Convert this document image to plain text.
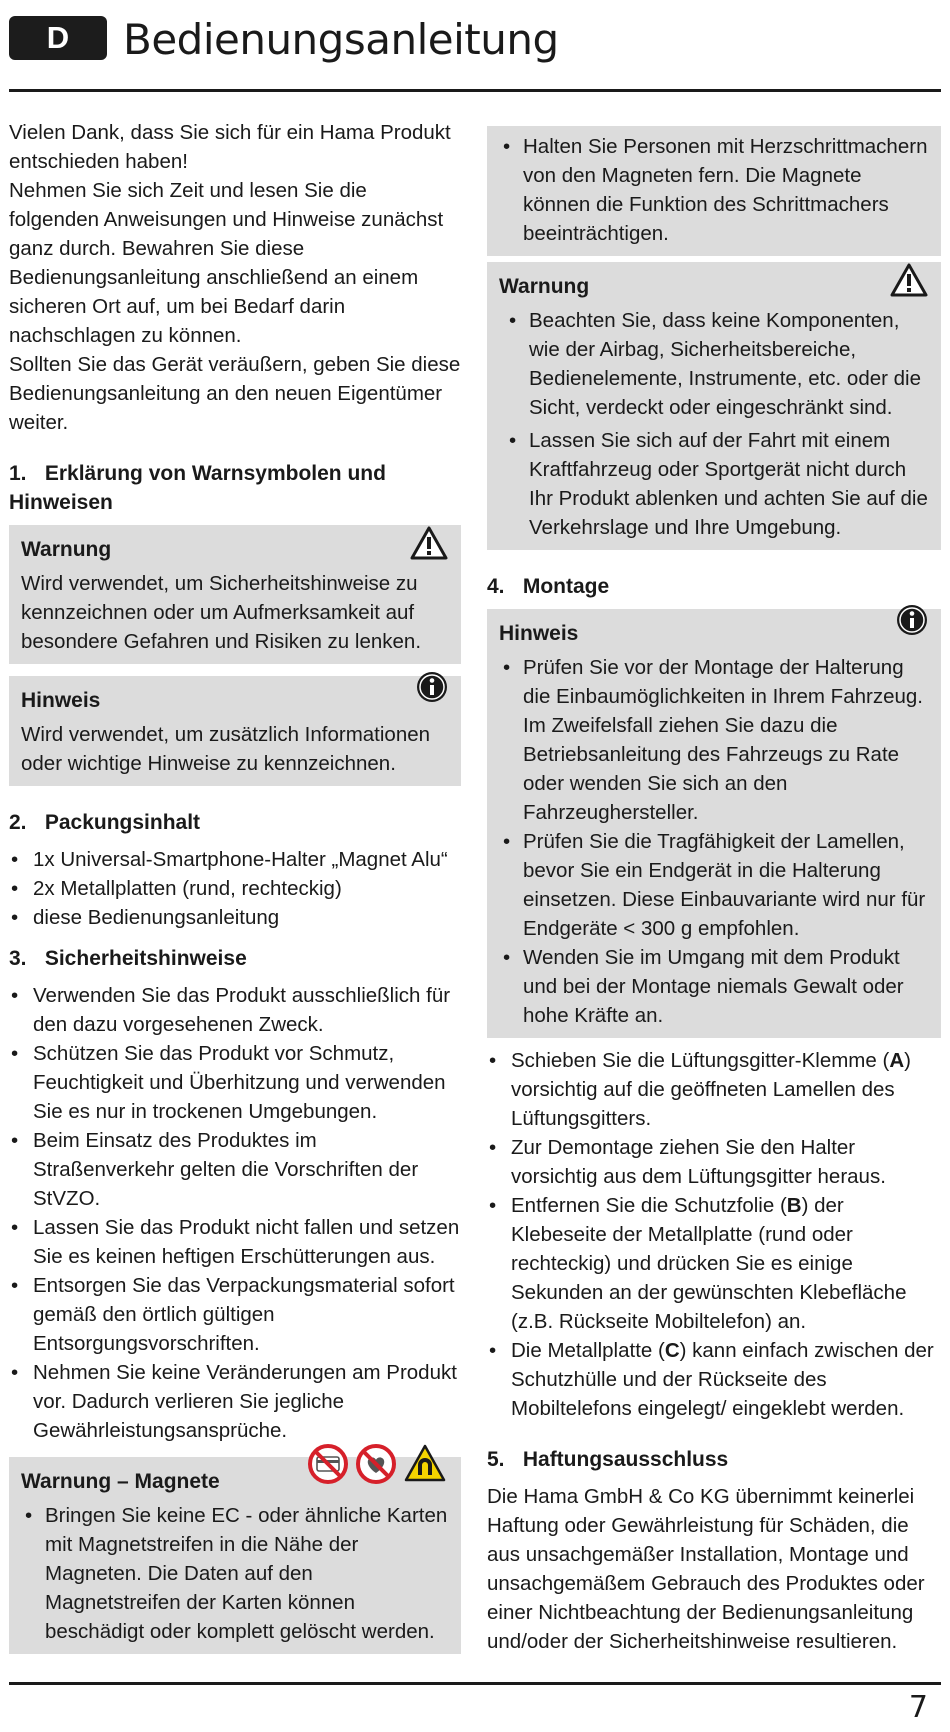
D	Bedienungsanleitung

Vielen Dank, dass Sie sich für ein Hama Produkt entschieden haben!

Nehmen Sie sich Zeit und lesen Sie die folgenden Anweisungen und Hinweise zunächst ganz durch. Bewahren Sie diese Bedienungsanleitung anschließend an einem sicheren Ort auf, um bei Bedarf darin nachschlagen zu können.

Sollten Sie das Gerät veräußern, geben Sie diese Bedienungsanleitung an den neuen Eigentümer weiter.

1. Erklärung von Warnsymbolen und Hinweisen
Warnung

Wird verwendet, um Sicherheitshinweise zu kennzeichnen oder um Aufmerksamkeit auf besondere Gefahren und Risiken zu lenken.

Hinweis

Wird verwendet, um zusätzlich Informationen oder wichtige Hinweise zu kennzeichnen.

2. Packungsinhalt
• 1x Universal-Smartphone-Halter „Magnet Alu“
• 2x Metallplatten (rund, rechteckig)
• diese Bedienungsanleitung
3. Sicherheitshinweise
• Verwenden Sie das Produkt ausschließlich für den dazu vorgesehenen Zweck.
• Schützen Sie das Produkt vor Schmutz, Feuchtigkeit und Überhitzung und verwenden Sie es nur in trockenen Umgebungen.
• Beim Einsatz des Produktes im Straßenverkehr gelten die Vorschriften der StVZO.
• Lassen Sie das Produkt nicht fallen und setzen Sie es keinen heftigen Erschütterungen aus.
• Entsorgen Sie das Verpackungsmaterial sofort gemäß den örtlich gültigen Entsorgungsvorschriften.
• Nehmen Sie keine Veränderungen am Produkt vor. Dadurch verlieren Sie jegliche Gewährleistungsansprüche.
Warnung – Magnete
• Bringen Sie keine EC - oder ähnliche Karten mit Magnetstreifen in die Nähe der Magneten. Die Daten auf den Magnetstreifen der Karten können beschädigt oder komplett gelöscht werden.
• Halten Sie Personen mit Herzschrittmachern von den Magneten fern. Die Magnete können die Funktion des Schrittmachers beeinträchtigen.
Warnung
• Beachten Sie, dass keine Komponenten, wie der Airbag, Sicherheitsbereiche, Bedienelemente, Instrumente, etc. oder die Sicht, verdeckt oder eingeschränkt sind.
• Lassen Sie sich auf der Fahrt mit einem Kraftfahrzeug oder Sportgerät nicht durch Ihr Produkt ablenken und achten Sie auf die Verkehrslage und Ihre Umgebung.
4. Montage
Hinweis
• Prüfen Sie vor der Montage der Halterung die Einbaumöglichkeiten in Ihrem Fahrzeug. Im Zweifelsfall ziehen Sie dazu die Betriebsanleitung des Fahrzeugs zu Rate oder wenden Sie sich an den Fahrzeughersteller.
• Prüfen Sie die Tragfähigkeit der Lamellen, bevor Sie ein Endgerät in die Halterung einsetzen. Diese Einbauvariante wird nur für Endgeräte < 300 g empfohlen.
• Wenden Sie im Umgang mit dem Produkt und bei der Montage niemals Gewalt oder hohe Kräfte an.
• Schieben Sie die Lüftungsgitter-Klemme (A) vorsichtig auf die geöffneten Lamellen des Lüftungsgitters.
• Zur Demontage ziehen Sie den Halter vorsichtig aus dem Lüftungsgitter heraus.
• Entfernen Sie die Schutzfolie (B) der Klebeseite der Metallplatte (rund oder rechteckig) und drücken Sie es einige Sekunden an der gewünschten Klebefläche (z.B. Rückseite Mobiltelefon) an.
• Die Metallplatte (C) kann einfach zwischen der Schutzhülle und der Rückseite des Mobiltelefons eingelegt/ eingeklebt werden.
5. Haftungsausschluss

Die Hama GmbH & Co KG übernimmt keinerlei Haftung oder Gewährleistung für Schäden, die aus unsachgemäßer Installation, Montage und unsachgemäßem Gebrauch des Produktes oder einer Nichtbeachtung der Bedienungsanleitung und/oder der Sicherheitshinweise resultieren.

7
